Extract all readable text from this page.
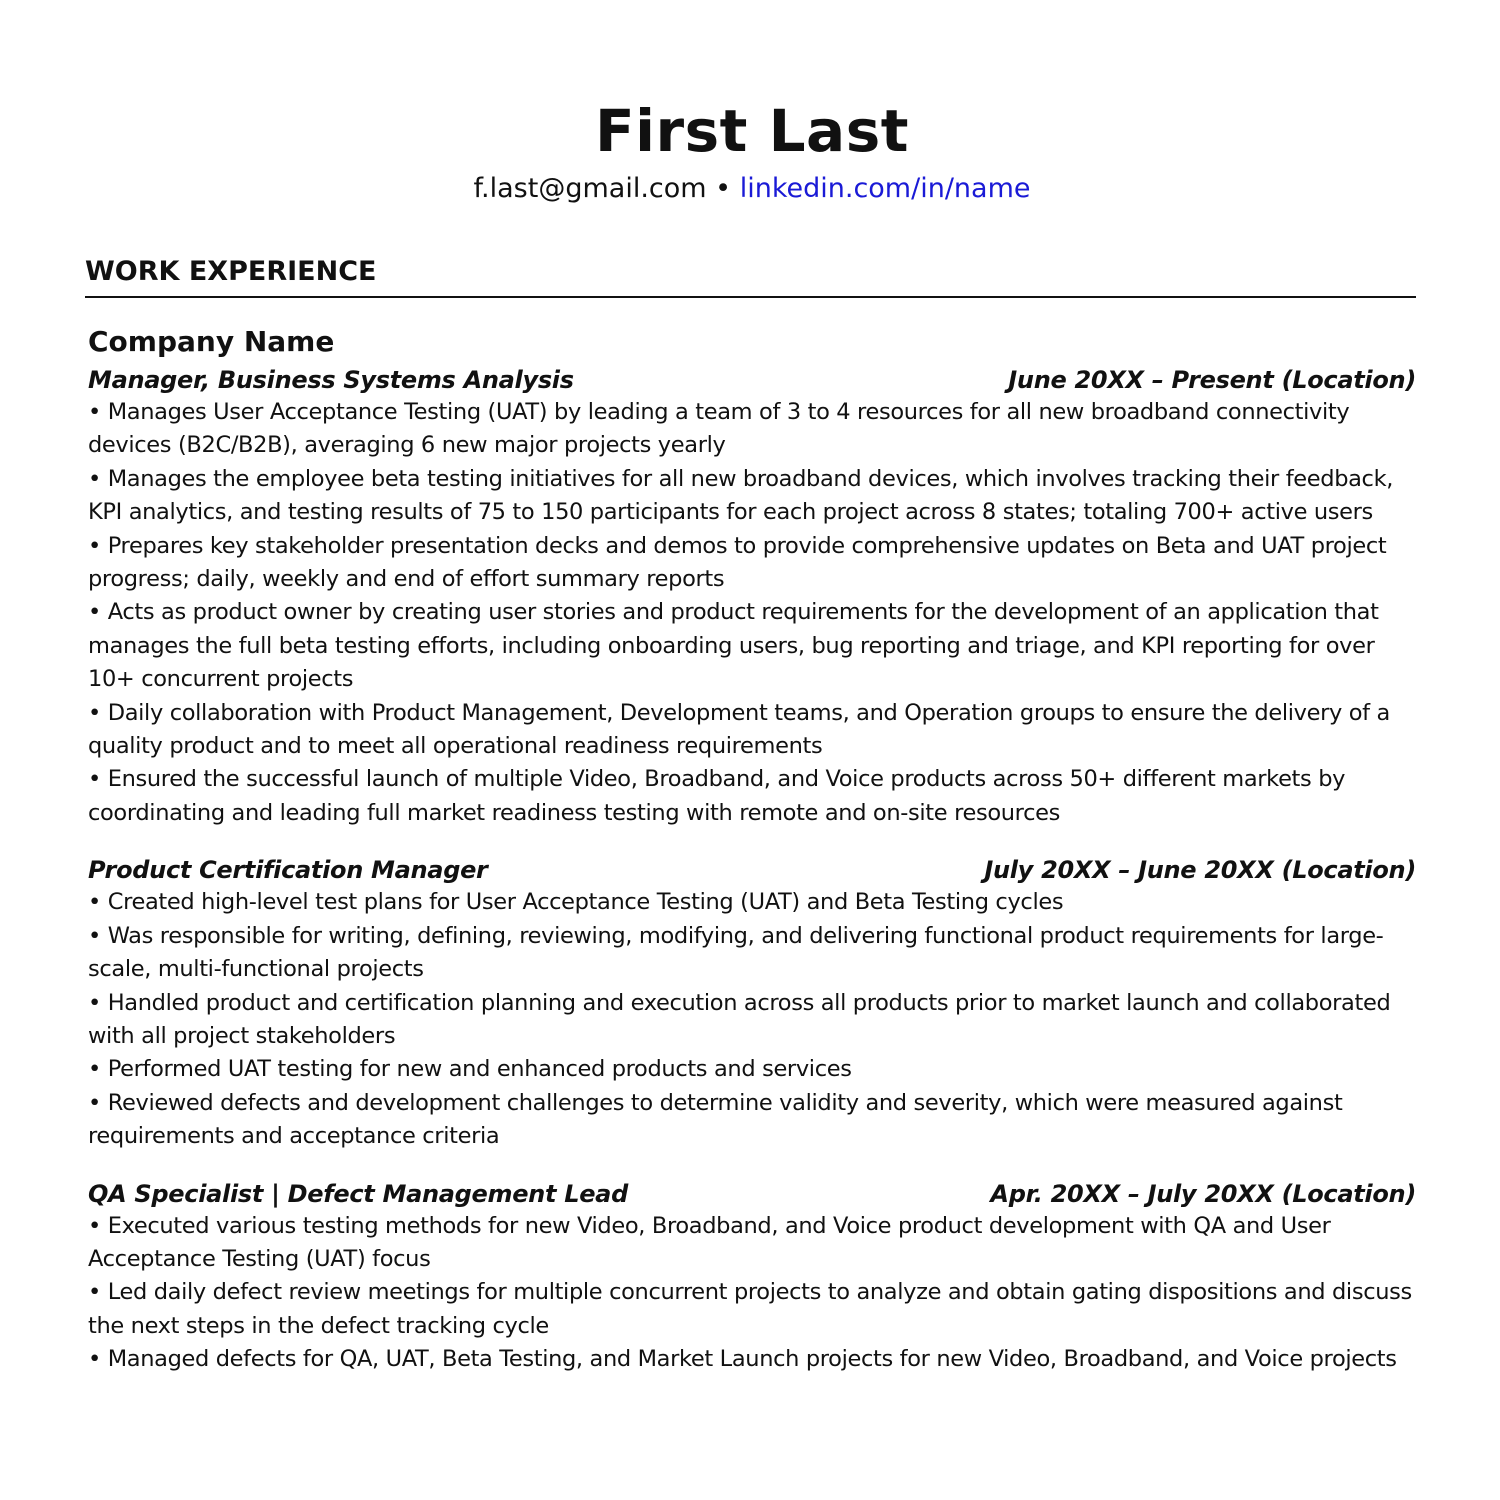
First Last
f.last@gmail.com • linkedin.com/in/name
WORK EXPERIENCE
Company Name
Manager, Business Systems Analysis	June 20XX – Present (Location)

• Manages User Acceptance Testing (UAT) by leading a team of 3 to 4 resources for all new broadband connectivity devices (B2C/B2B), averaging 6 new major projects yearly

• Manages the employee beta testing initiatives for all new broadband devices, which involves tracking their feedback, KPI analytics, and testing results of 75 to 150 participants for each project across 8 states; totaling 700+ active users

• Prepares key stakeholder presentation decks and demos to provide comprehensive updates on Beta and UAT project progress; daily, weekly and end of effort summary reports

• Acts as product owner by creating user stories and product requirements for the development of an application that manages the full beta testing efforts, including onboarding users, bug reporting and triage, and KPI reporting for over 10+ concurrent projects

• Daily collaboration with Product Management, Development teams, and Operation groups to ensure the delivery of a quality product and to meet all operational readiness requirements

• Ensured the successful launch of multiple Video, Broadband, and Voice products across 50+ different markets by coordinating and leading full market readiness testing with remote and on-site resources

Product Certification Manager	July 20XX – June 20XX (Location)

• Created high-level test plans for User Acceptance Testing (UAT) and Beta Testing cycles

• Was responsible for writing, defining, reviewing, modifying, and delivering functional product requirements for large-scale, multi-functional projects

• Handled product and certification planning and execution across all products prior to market launch and collaborated with all project stakeholders

• Performed UAT testing for new and enhanced products and services

• Reviewed defects and development challenges to determine validity and severity, which were measured against requirements and acceptance criteria

QA Specialist | Defect Management Lead	Apr. 20XX – July 20XX (Location)

• Executed various testing methods for new Video, Broadband, and Voice product development with QA and User Acceptance Testing (UAT) focus

• Led daily defect review meetings for multiple concurrent projects to analyze and obtain gating dispositions and discuss the next steps in the defect tracking cycle

• Managed defects for QA, UAT, Beta Testing, and Market Launch projects for new Video, Broadband, and Voice projects
